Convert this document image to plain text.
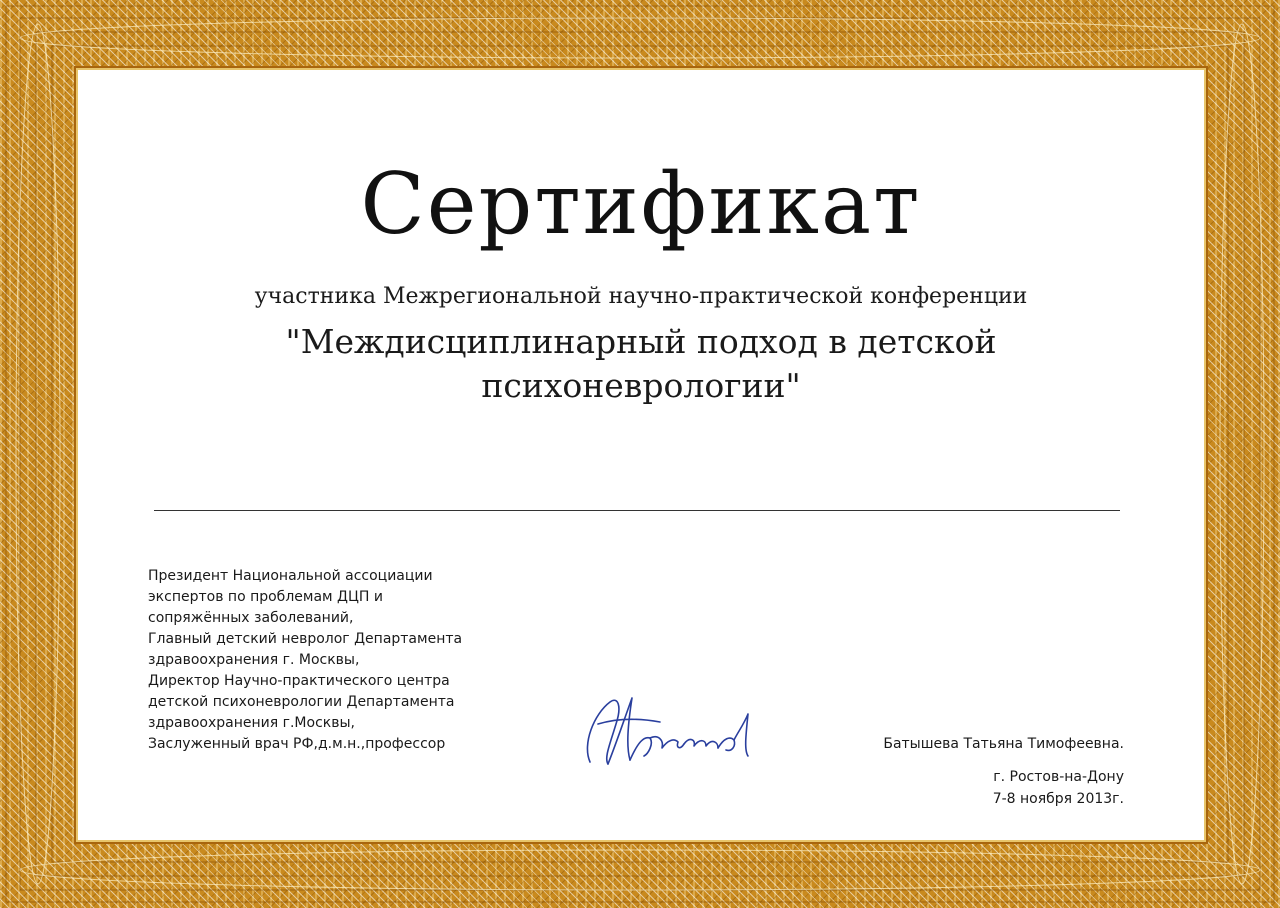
Сертификат
участника Межрегиональной научно-практической конференции
"Междисциплинарный подход в детской
психоневрологии"
Президент Национальной ассоциации
экспертов по проблемам ДЦП и
сопряжённых заболеваний,
Главный детский невролог Департамента
здравоохранения г. Москвы,
Директор Научно-практического центра
детской психоневрологии Департамента
здравоохранения г.Москвы,
Заслуженный врач РФ,д.м.н.,профессор	Батышева Татьяна Тимофеевна.
г. Ростов-на-Дону
7-8 ноября 2013г.
